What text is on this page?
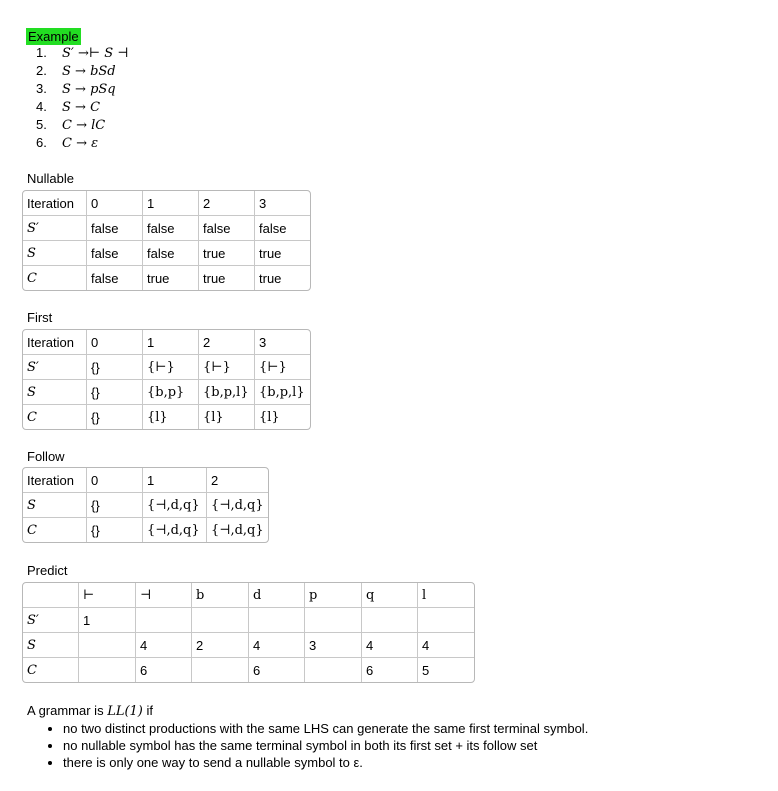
Example
1. S′ →⊢ S ⊣
2. S → bSd
3. S → pSq
4. S → C
5. C → lC
6. C → ε
Nullable
Iteration	0	1	2	3
S′	false	false	false	false
S	false	false	true	true
C	false	true	true	true
First
Iteration	0	1	2	3
S′	{}	{⊢}	{⊢}	{⊢}
S	{}	{b,p}	{b,p,l}	{b,p,l}
C	{}	{l}	{l}	{l}
Follow
Iteration	0	1	2
S	{}	{⊣,d,q}	{⊣,d,q}
C	{}	{⊣,d,q}	{⊣,d,q}
Predict
	⊢	⊣	b	d	p	q	l
S′	1						
S		4	2	4	3	4	4
C		6		6		6	5
A grammar is LL(1) if
• no two distinct productions with the same LHS can generate the same first terminal symbol.
• no nullable symbol has the same terminal symbol in both its first set + its follow set
• there is only one way to send a nullable symbol to ε.
